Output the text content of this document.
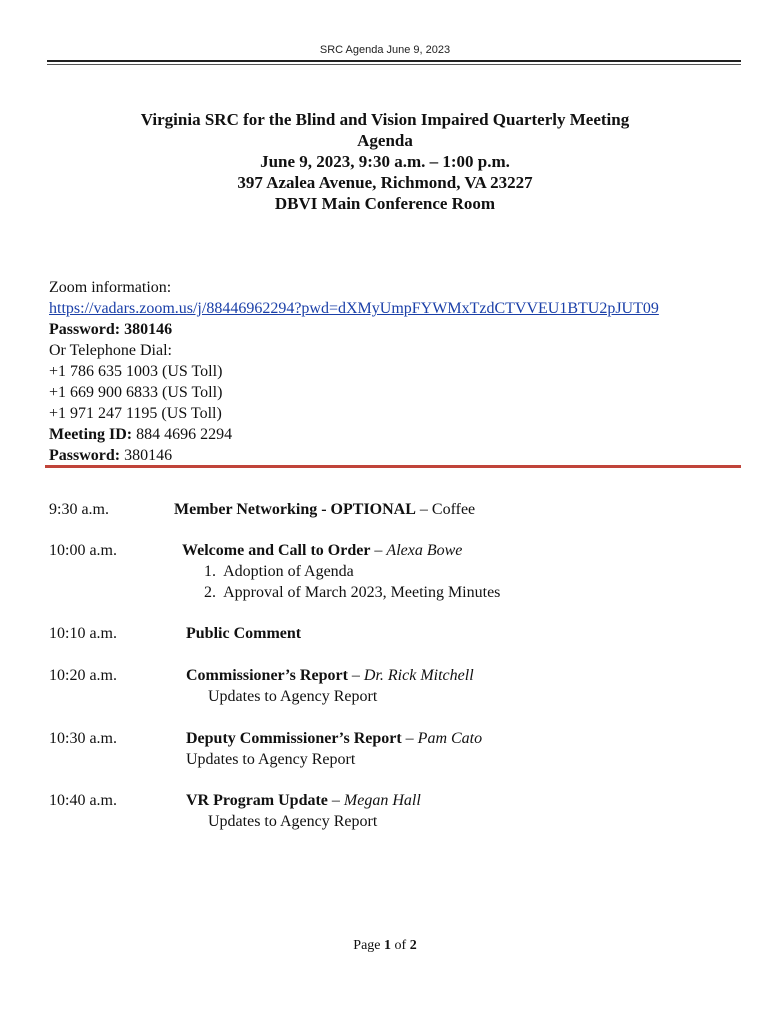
SRC Agenda June 9, 2023
Virginia SRC for the Blind and Vision Impaired Quarterly Meeting
Agenda
June 9, 2023, 9:30 a.m. – 1:00 p.m.
397 Azalea Avenue, Richmond, VA 23227
DBVI Main Conference Room
Zoom information:
https://vadars.zoom.us/j/88446962294?pwd=dXMyUmpFYWMxTzdCTVVEU1BTU2pJUT09
Password: 380146
Or Telephone Dial:
+1 786 635 1003 (US Toll)
+1 669 900 6833 (US Toll)
+1 971 247 1195 (US Toll)
Meeting ID: 884 4696 2294
Password: 380146
9:30 a.m.	Member Networking - OPTIONAL – Coffee
10:00 a.m.	Welcome and Call to Order – Alexa Bowe
1.  Adoption of Agenda
2.  Approval of March 2023, Meeting Minutes
10:10 a.m.	Public Comment
10:20 a.m.	Commissioner’s Report – Dr. Rick Mitchell
Updates to Agency Report
10:30 a.m.	Deputy Commissioner’s Report – Pam Cato
Updates to Agency Report
10:40 a.m.	VR Program Update – Megan Hall
Updates to Agency Report
Page 1 of 2
